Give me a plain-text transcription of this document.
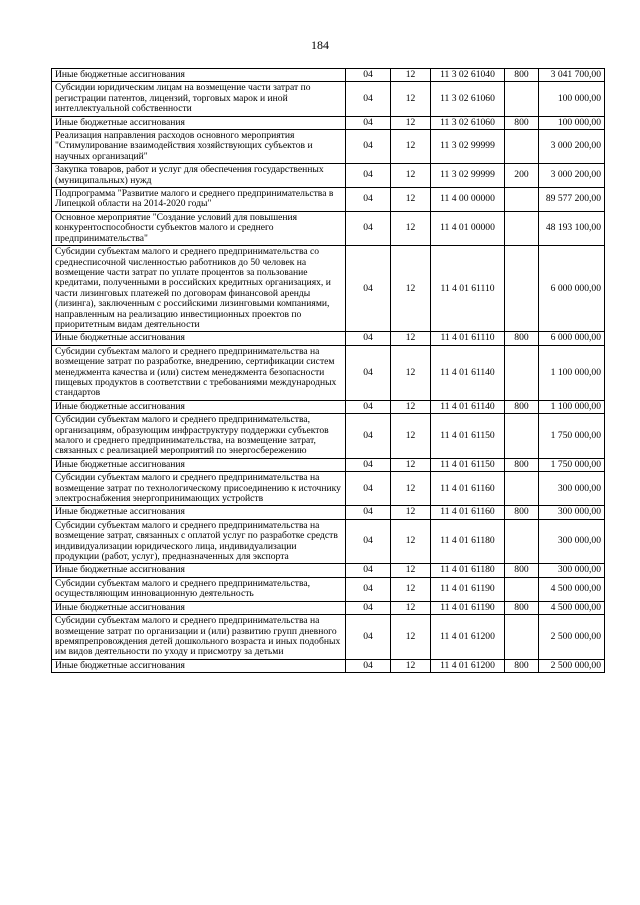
184
Иные бюджетные ассигнования	04	12	11 3 02 61040	800	3 041 700,00
Субсидии юридическим лицам на возмещение части затрат по регистрации патентов, лицензий, торговых марок и иной интеллектуальной собственности	04	12	11 3 02 61060		100 000,00
Иные бюджетные ассигнования	04	12	11 3 02 61060	800	100 000,00
Реализация направления расходов основного мероприятия "Стимулирование взаимодействия хозяйствующих субъектов и научных организаций"	04	12	11 3 02 99999		3 000 200,00
Закупка товаров, работ и услуг для обеспечения государственных (муниципальных) нужд	04	12	11 3 02 99999	200	3 000 200,00
Подпрограмма "Развитие малого и среднего предпринимательства в Липецкой области на 2014-2020 годы"	04	12	11 4 00 00000		89 577 200,00
Основное мероприятие "Создание условий для повышения конкурентоспособности субъектов малого и среднего предпринимательства"	04	12	11 4 01 00000		48 193 100,00
Субсидии субъектам малого и среднего предпринимательства со среднесписочной численностью работников до 50 человек на возмещение части затрат по уплате процентов за пользование кредитами, полученными в российских кредитных организациях, и части лизинговых платежей по договорам финансовой аренды (лизинга), заключенным с российскими лизинговыми компаниями, направленным на реализацию инвестиционных проектов по приоритетным видам деятельности	04	12	11 4 01 61110		6 000 000,00
Иные бюджетные ассигнования	04	12	11 4 01 61110	800	6 000 000,00
Субсидии субъектам малого и среднего предпринимательства на возмещение затрат по разработке, внедрению, сертификации систем менеджмента качества и (или) систем менеджмента безопасности пищевых продуктов в соответствии с требованиями международных стандартов	04	12	11 4 01 61140		1 100 000,00
Иные бюджетные ассигнования	04	12	11 4 01 61140	800	1 100 000,00
Субсидии субъектам малого и среднего предпринимательства, организациям, образующим инфраструктуру поддержки субъектов малого и среднего предпринимательства, на возмещение затрат, связанных с реализацией мероприятий по энергосбережению	04	12	11 4 01 61150		1 750 000,00
Иные бюджетные ассигнования	04	12	11 4 01 61150	800	1 750 000,00
Субсидии субъектам малого и среднего предпринимательства на возмещение затрат по технологическому присоединению к источнику электроснабжения энергопринимающих устройств	04	12	11 4 01 61160		300 000,00
Иные бюджетные ассигнования	04	12	11 4 01 61160	800	300 000,00
Субсидии субъектам малого и среднего предпринимательства на возмещение затрат, связанных с оплатой услуг по разработке средств индивидуализации юридического лица, индивидуализации продукции (работ, услуг), предназначенных для экспорта	04	12	11 4 01 61180		300 000,00
Иные бюджетные ассигнования	04	12	11 4 01 61180	800	300 000,00
Субсидии субъектам малого и среднего предпринимательства, осуществляющим инновационную деятельность	04	12	11 4 01 61190		4 500 000,00
Иные бюджетные ассигнования	04	12	11 4 01 61190	800	4 500 000,00
Субсидии субъектам малого и среднего предпринимательства на возмещение затрат по организации и (или) развитию групп дневного времяпрепровождения детей дошкольного возраста и иных подобных им видов деятельности по уходу и присмотру за детьми	04	12	11 4 01 61200		2 500 000,00
Иные бюджетные ассигнования	04	12	11 4 01 61200	800	2 500 000,00
